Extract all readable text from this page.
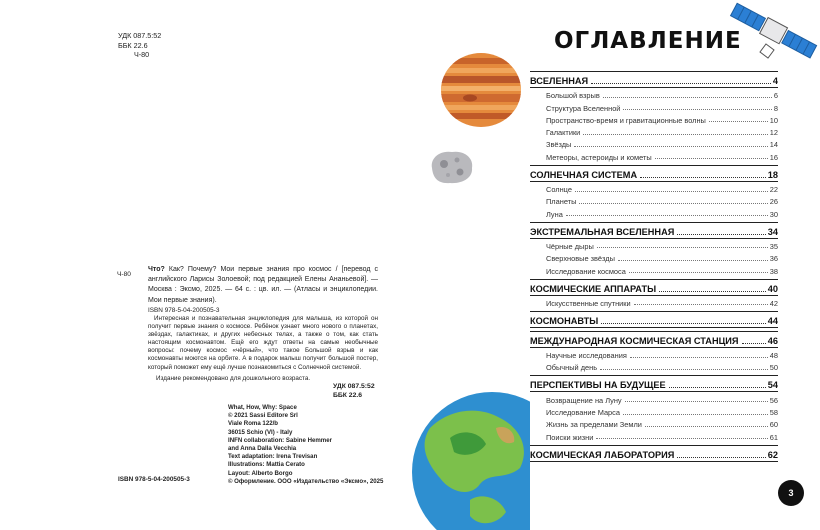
УДК 087.5:52
ББК 22.6
Ч-80
Ч-80
Что? Как? Почему? Мои первые знания про космос / [перевод с английского Ларисы Золоевой; под редакцией Елены Ананьевой]. — Москва : Эксмо, 2025. — 64 с. : цв. ил. — (Атласы и энциклопедии. Мои первые знания).
ISBN 978-5-04-200505-3
Интересная и познавательная энциклопедия для малыша, из которой он получит первые знания о космосе. Ребёнок узнает много нового о планетах, звёздах, галактиках, и других небесных телах, а также о том, как стать настоящим космонавтом. Ещё его ждут ответы на самые необычные вопросы: почему космос «чёрный», что такое Большой взрыв и как космонавты моются на орбите. А в подарок малыш получит большой постер, который поможет ему ещё лучше познакомиться с Солнечной системой.
Издание рекомендовано для дошкольного возраста.
УДК 087.5:52
ББК 22.6
What, How, Why: Space
© 2021 Sassi Editore Srl
Viale Roma 122/b
36015 Schio (VI) - Italy
INFN collaboration: Sabine Hemmer
and Anna Dalla Vecchia
Text adaptation: Irena Trevisan
Illustrations: Mattia Cerato
Layout: Alberto Borgo
© Оформление. ООО «Издательство «Эксмо», 2025
ISBN 978-5-04-200505-3
ОГЛАВЛЕНИЕ
ВСЕЛЕННАЯ	4
Большой взрыв	6
Структура Вселенной	8
Пространство-время и гравитационные волны	10
Галактики	12
Звёзды	14
Метеоры, астероиды и кометы	16
СОЛНЕЧНАЯ СИСТЕМА	18
Солнце	22
Планеты	26
Луна	30
ЭКСТРЕМАЛЬНАЯ ВСЕЛЕННАЯ	34
Чёрные дыры	35
Сверхновые звёзды	36
Исследование космоса	38
КОСМИЧЕСКИЕ АППАРАТЫ	40
Искусственные спутники	42
КОСМОНАВТЫ	44
МЕЖДУНАРОДНАЯ КОСМИЧЕСКАЯ СТАНЦИЯ	46
Научные исследования	48
Обычный день	50
ПЕРСПЕКТИВЫ НА БУДУЩЕЕ	54
Возвращение на Луну	56
Исследование Марса	58
Жизнь за пределами Земли	60
Поиски жизни	61
КОСМИЧЕСКАЯ ЛАБОРАТОРИЯ	62
3
